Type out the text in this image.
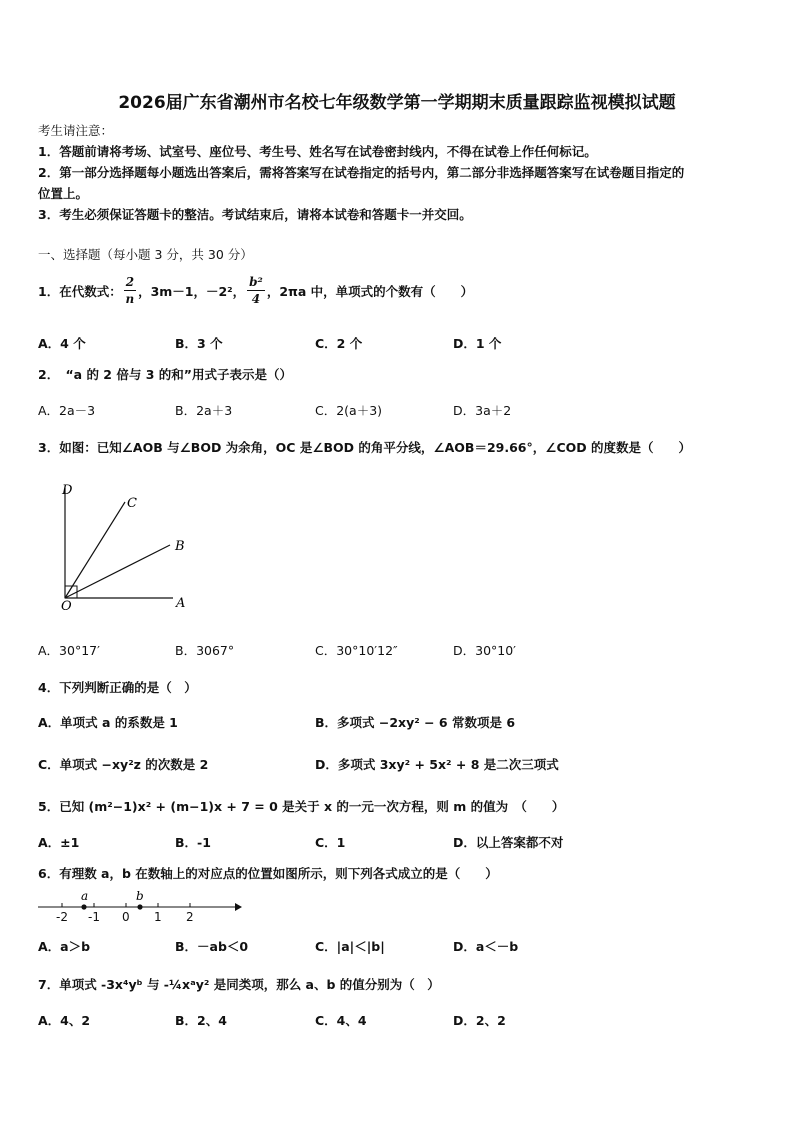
2026届广东省潮州市名校七年级数学第一学期期末质量跟踪监视模拟试题
考生请注意：
1．答题前请将考场、试室号、座位号、考生号、姓名写在试卷密封线内，不得在试卷上作任何标记。
2．第一部分选择题每小题选出答案后，需将答案写在试卷指定的括号内，第二部分非选择题答案写在试卷题目指定的
位置上。
3．考生必须保证答题卡的整洁。考试结束后，请将本试卷和答题卡一并交回。
一、选择题（每小题 3 分，共 30 分）
1．在代数式： $\frac{2}{n}$ ，3m－1，－2²， $\frac{\text{b²}}{4}$ ，2πa 中，单项式的个数有（　　）
A．4 个	B．3 个	C．2 个	D．1 个
2．　“a 的 2 倍与 3 的和”用式子表示是（）
A．2a－3	B．2a＋3	C．2(a＋3)	D．3a＋2
3．如图：已知∠AOB 与∠BOD 为余角，OC 是∠BOD 的角平分线，∠AOB＝29.66°，∠COD 的度数是（　　）
D
C
B
O	A
A．30°17′	B．3067°	C．30°10′12″	D．30°10′
4．下列判断正确的是（　）
A．单项式 a 的系数是 1	B．多项式 −2xy² − 6 常数项是 6
C．单项式 −xy²z 的次数是 2	D．多项式 3xy² + 5x² + 8 是二次三项式
5．已知 (m²−1)x² + (m−1)x + 7 = 0 是关于 x 的一元一次方程，则 m 的值为　（　　）
A．±1	B．-1	C．1	D．以上答案都不对
6．有理数 a，b 在数轴上的对应点的位置如图所示，则下列各式成立的是（　　）
-2 -1 0 1 2
a	b
A．a＞b	B．－ab＜0	C．|a|＜|b|	D．a＜－b
7．单项式 -3x⁴yᵇ 与 -¼xᵃy² 是同类项，那么 a、b 的值分别为（　）
A．4、2	B．2、4	C．4、4	D．2、2
